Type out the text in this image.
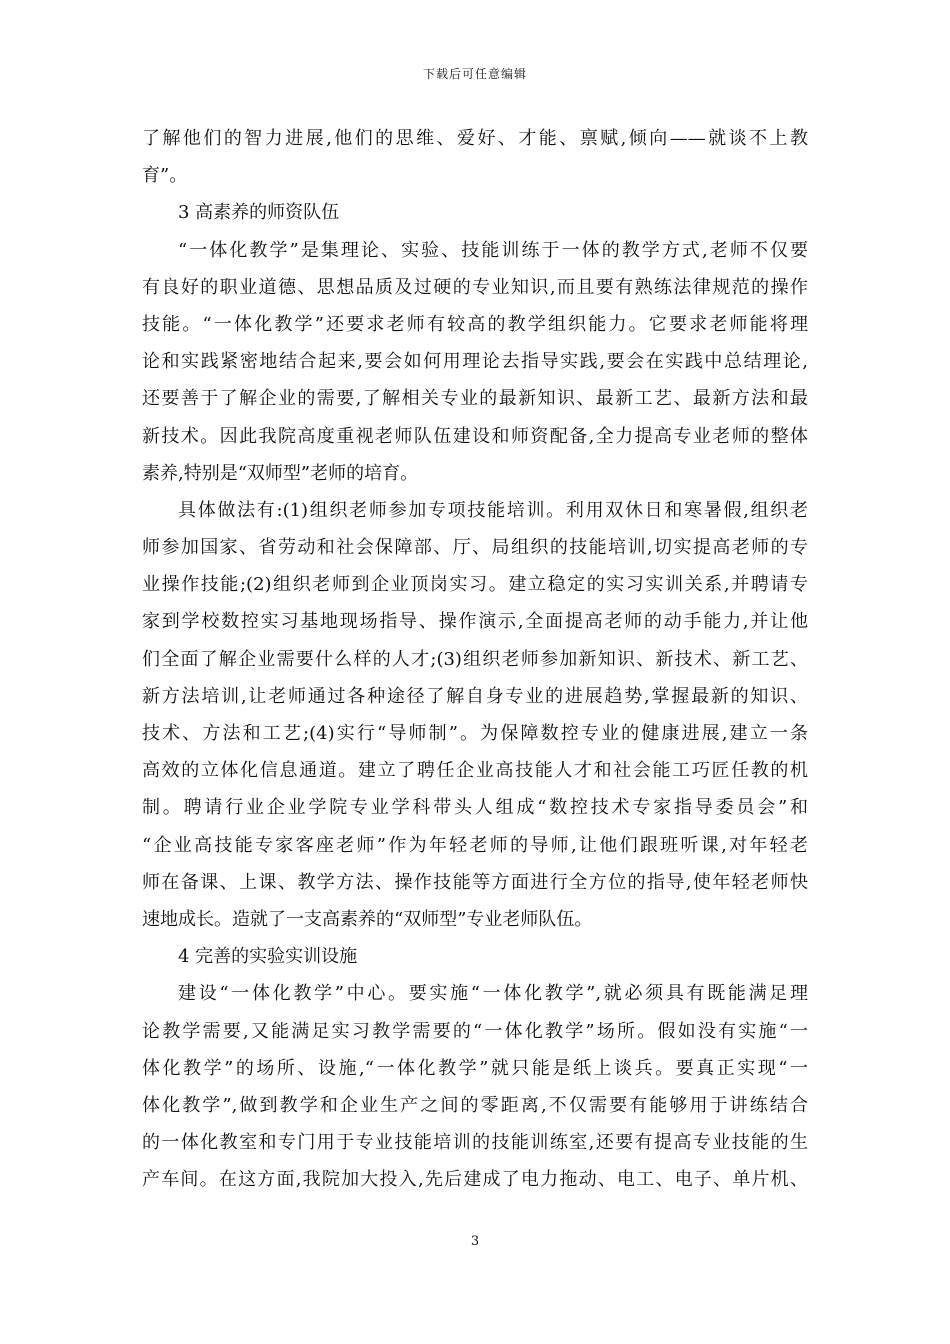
下载后可任意编辑
了解他们的智力进展,他们的思维、爱好、才能、禀赋,倾向——就谈不上教
育”。
3 高素养的师资队伍
“一体化教学”是集理论、实验、技能训练于一体的教学方式,老师不仅要
有良好的职业道德、思想品质及过硬的专业知识,而且要有熟练法律规范的操作
技能。“一体化教学”还要求老师有较高的教学组织能力。它要求老师能将理
论和实践紧密地结合起来,要会如何用理论去指导实践,要会在实践中总结理论,
还要善于了解企业的需要,了解相关专业的最新知识、最新工艺、最新方法和最
新技术。因此我院高度重视老师队伍建设和师资配备,全力提高专业老师的整体
素养,特别是“双师型”老师的培育。
具体做法有:(1)组织老师参加专项技能培训。利用双休日和寒暑假,组织老
师参加国家、省劳动和社会保障部、厅、局组织的技能培训,切实提高老师的专
业操作技能;(2)组织老师到企业顶岗实习。建立稳定的实习实训关系,并聘请专
家到学校数控实习基地现场指导、操作演示,全面提高老师的动手能力,并让他
们全面了解企业需要什么样的人才;(3)组织老师参加新知识、新技术、新工艺、
新方法培训,让老师通过各种途径了解自身专业的进展趋势,掌握最新的知识、
技术、方法和工艺;(4)实行“导师制”。为保障数控专业的健康进展,建立一条
高效的立体化信息通道。建立了聘任企业高技能人才和社会能工巧匠任教的机
制。聘请行业企业学院专业学科带头人组成“数控技术专家指导委员会”和
“企业高技能专家客座老师”作为年轻老师的导师,让他们跟班听课,对年轻老
师在备课、上课、教学方法、操作技能等方面进行全方位的指导,使年轻老师快
速地成长。造就了一支高素养的“双师型”专业老师队伍。
4 完善的实验实训设施
建设“一体化教学”中心。要实施“一体化教学”,就必须具有既能满足理
论教学需要,又能满足实习教学需要的“一体化教学”场所。假如没有实施“一
体化教学”的场所、设施,“一体化教学”就只能是纸上谈兵。要真正实现“一
体化教学”,做到教学和企业生产之间的零距离,不仅需要有能够用于讲练结合
的一体化教室和专门用于专业技能培训的技能训练室,还要有提高专业技能的生
产车间。在这方面,我院加大投入,先后建成了电力拖动、电工、电子、单片机、
3
